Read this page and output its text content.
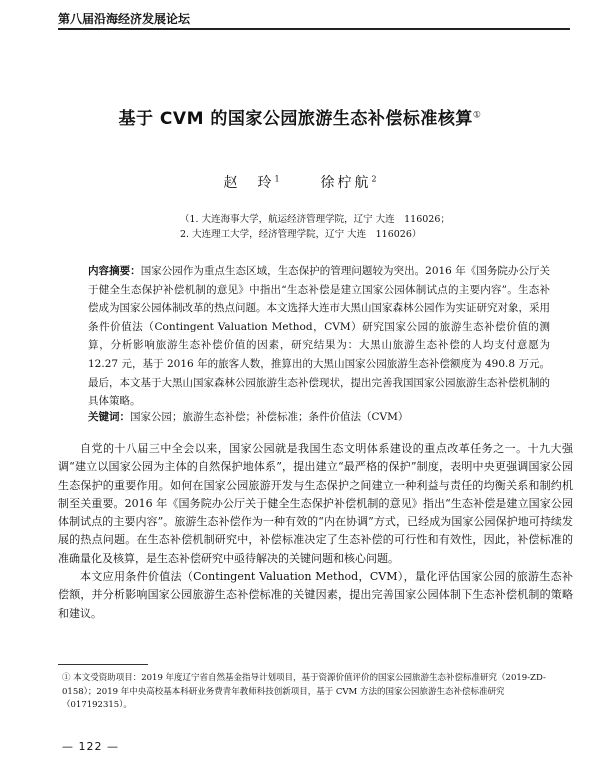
第八届沿海经济发展论坛
基于 CVM 的国家公园旅游生态补偿标准核算①
赵　玲$^1$	徐柠航$^2$
（1. 大连海事大学，航运经济管理学院，辽宁 大连　116026；
2. 大连理工大学，经济管理学院，辽宁 大连　116026）
内容摘要：国家公园作为重点生态区域，生态保护的管理问题较为突出。2016 年《国务院办公厅关于健全生态保护补偿机制的意见》中指出“生态补偿是建立国家公园体制试点的主要内容”。生态补偿成为国家公园体制改革的热点问题。本文选择大连市大黑山国家森林公园作为实证研究对象，采用条件价值法（Contingent Valuation Method，CVM）研究国家公园的旅游生态补偿价值的测算，分析影响旅游生态补偿价值的因素，研究结果为：大黑山旅游生态补偿的人均支付意愿为 12.27 元，基于 2016 年的旅客人数，推算出的大黑山国家公园旅游生态补偿额度为 490.8 万元。最后，本文基于大黑山国家森林公园旅游生态补偿现状，提出完善我国国家公园旅游生态补偿机制的具体策略。
关键词：国家公园；旅游生态补偿；补偿标准；条件价值法（CVM）

自党的十八届三中全会以来，国家公园就是我国生态文明体系建设的重点改革任务之一。十九大强调“建立以国家公园为主体的自然保护地体系”，提出建立“最严格的保护”制度，表明中央更强调国家公园生态保护的重要作用。如何在国家公园旅游开发与生态保护之间建立一种利益与责任的均衡关系和制约机制至关重要。2016 年《国务院办公厅关于健全生态保护补偿机制的意见》指出“生态补偿是建立国家公园体制试点的主要内容”。旅游生态补偿作为一种有效的“内在协调”方式，已经成为国家公园保护地可持续发展的热点问题。在生态补偿机制研究中，补偿标准决定了生态补偿的可行性和有效性，因此，补偿标准的准确量化及核算，是生态补偿研究中亟待解决的关键问题和核心问题。

本文应用条件价值法（Contingent Valuation Method，CVM），量化评估国家公园的旅游生态补偿额，并分析影响国家公园旅游生态补偿标准的关键因素，提出完善国家公园体制下生态补偿机制的策略和建议。

① 本文受资助项目：2019 年度辽宁省自然基金指导计划项目，基于资源价值评价的国家公园旅游生态补偿标准研究（2019-ZD-0158）；2019 年中央高校基本科研业务费青年教师科技创新项目，基于 CVM 方法的国家公园旅游生态补偿标准研究（017192315）。
— 122 —
